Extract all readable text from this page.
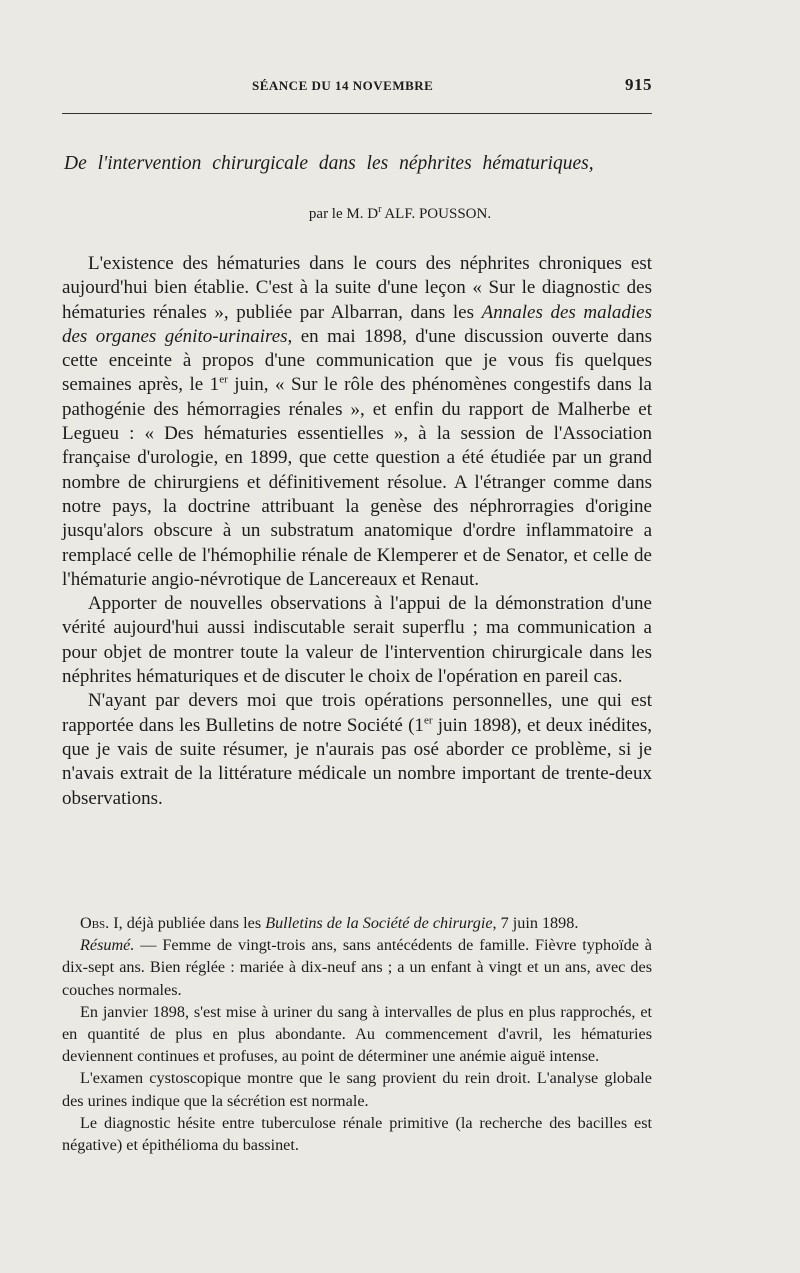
SÉANCE DU 14 NOVEMBRE	915
De l'intervention chirurgicale dans les néphrites hématuriques,
par le M. $D^r$ ALF. POUSSON.

L'existence des hématuries dans le cours des néphrites chroniques est aujourd'hui bien établie. C'est à la suite d'une leçon « Sur le diagnostic des hématuries rénales », publiée par Albarran, dans les Annales des maladies des organes génito-urinaires, en mai 1898, d'une discussion ouverte dans cette enceinte à propos d'une communication que je vous fis quelques semaines après, le 1er juin, « Sur le rôle des phénomènes congestifs dans la pathogénie des hémorragies rénales », et enfin du rapport de Malherbe et Legueu : « Des hématuries essentielles », à la session de l'Association française d'urologie, en 1899, que cette question a été étudiée par un grand nombre de chirurgiens et définitivement résolue. A l'étranger comme dans notre pays, la doctrine attribuant la genèse des néphrorragies d'origine jusqu'alors obscure à un substratum anatomique d'ordre inflammatoire a remplacé celle de l'hémophilie rénale de Klemperer et de Senator, et celle de l'hématurie angio-névrotique de Lancereaux et Renaut.

Apporter de nouvelles observations à l'appui de la démonstration d'une vérité aujourd'hui aussi indiscutable serait superflu ; ma communication a pour objet de montrer toute la valeur de l'intervention chirurgicale dans les néphrites hématuriques et de discuter le choix de l'opération en pareil cas.

N'ayant par devers moi que trois opérations personnelles, une qui est rapportée dans les Bulletins de notre Société (1er juin 1898), et deux inédites, que je vais de suite résumer, je n'aurais pas osé aborder ce problème, si je n'avais extrait de la littérature médicale un nombre important de trente-deux observations.

Obs. I, déjà publiée dans les Bulletins de la Société de chirurgie, 7 juin 1898.

Résumé. — Femme de vingt-trois ans, sans antécédents de famille. Fièvre typhoïde à dix-sept ans. Bien réglée : mariée à dix-neuf ans ; a un enfant à vingt et un ans, avec des couches normales.

En janvier 1898, s'est mise à uriner du sang à intervalles de plus en plus rapprochés, et en quantité de plus en plus abondante. Au commencement d'avril, les hématuries deviennent continues et profuses, au point de déterminer une anémie aiguë intense.

L'examen cystoscopique montre que le sang provient du rein droit. L'analyse globale des urines indique que la sécrétion est normale.

Le diagnostic hésite entre tuberculose rénale primitive (la recherche des bacilles est négative) et épithélioma du bassinet.
